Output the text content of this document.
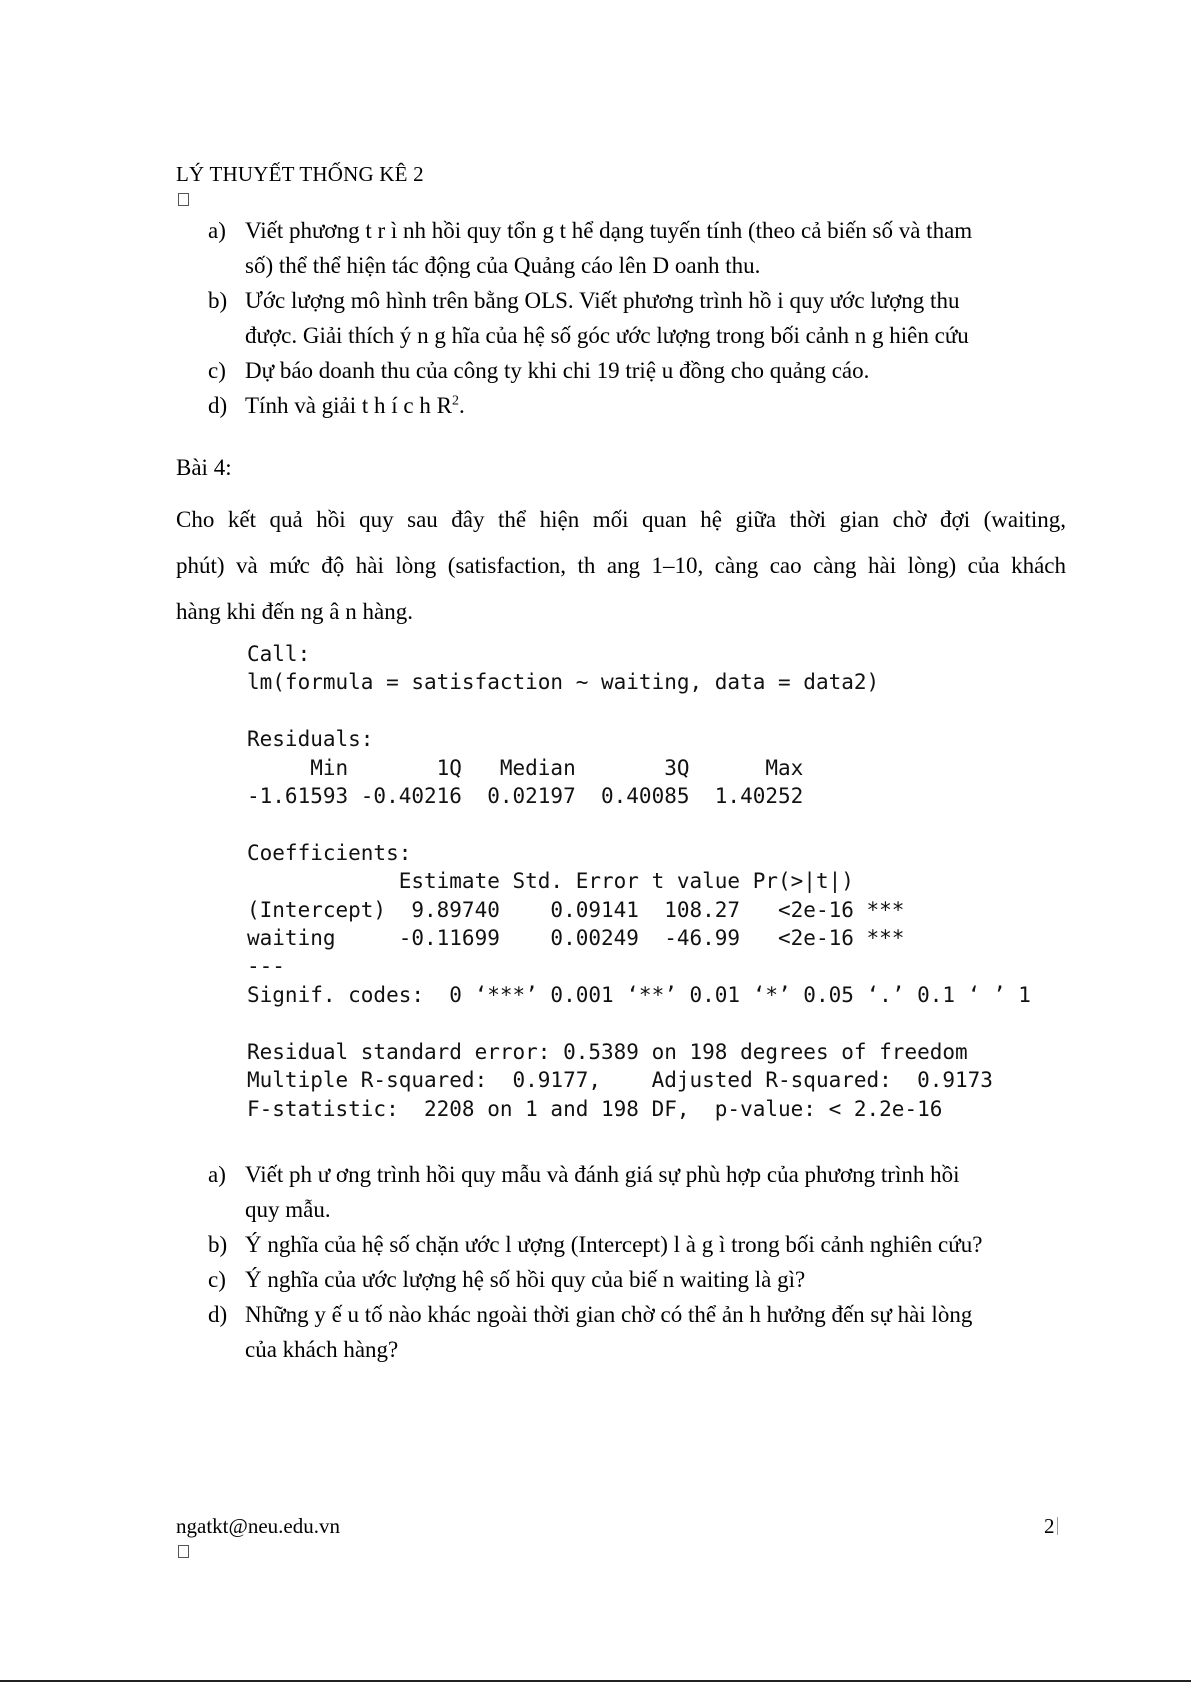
LÝ THUYẾT THỐNG KÊ 2
a) Viết phương t r ì nh hồi quy tổn g t hể dạng tuyến tính (theo cả biến số và tham
số) thể thể hiện tác động của Quảng cáo lên D oanh thu.
b) Ước lượng mô hình trên bằng OLS. Viết phương trình hồ i quy ước lượng thu
được. Giải thích ý n g hĩa của hệ số góc ước lượng trong bối cảnh n g hiên cứu
c) Dự báo doanh thu của công ty khi chi 19 triệ u đồng cho quảng cáo.
d) Tính và giải t h í c h $R^2$.
Bài 4:
Cho kết quả hồi quy sau đây thể hiện mối quan hệ giữa thời gian chờ đợi (waiting,
phút) và mức độ hài lòng (satisfaction, th ang 1–10, càng cao càng hài lòng) của khách
hàng khi đến ng â n hàng.
Call:
lm(formula = satisfaction ~ waiting, data = data2)

Residuals:
Min       1Q   Median       3Q      Max
-1.61593 -0.40216  0.02197  0.40085  1.40252

Coefficients:
Estimate Std. Error t value Pr(>|t|)
(Intercept)  9.89740    0.09141  108.27   <2e-16 ***
waiting     -0.11699    0.00249  -46.99   <2e-16 ***
---
Signif. codes:  0 ‘***’ 0.001 ‘**’ 0.01 ‘*’ 0.05 ‘.’ 0.1 ‘ ’ 1

Residual standard error: 0.5389 on 198 degrees of freedom
Multiple R-squared:  0.9177,    Adjusted R-squared:  0.9173
F-statistic:  2208 on 1 and 198 DF,  p-value: < 2.2e-16
a) Viết ph ư ơng trình hồi quy mẫu và đánh giá sự phù hợp của phương trình hồi
quy mẫu.
b) Ý nghĩa của hệ số chặn ước l ượng (Intercept) l à g ì trong bối cảnh nghiên cứu?
c) Ý nghĩa của ước lượng hệ số hồi quy của biế n waiting là gì?
d) Những y ế u tố nào khác ngoài thời gian chờ có thể ản h hưởng đến sự hài lòng
của khách hàng?
ngatkt@neu.edu.vn	2
